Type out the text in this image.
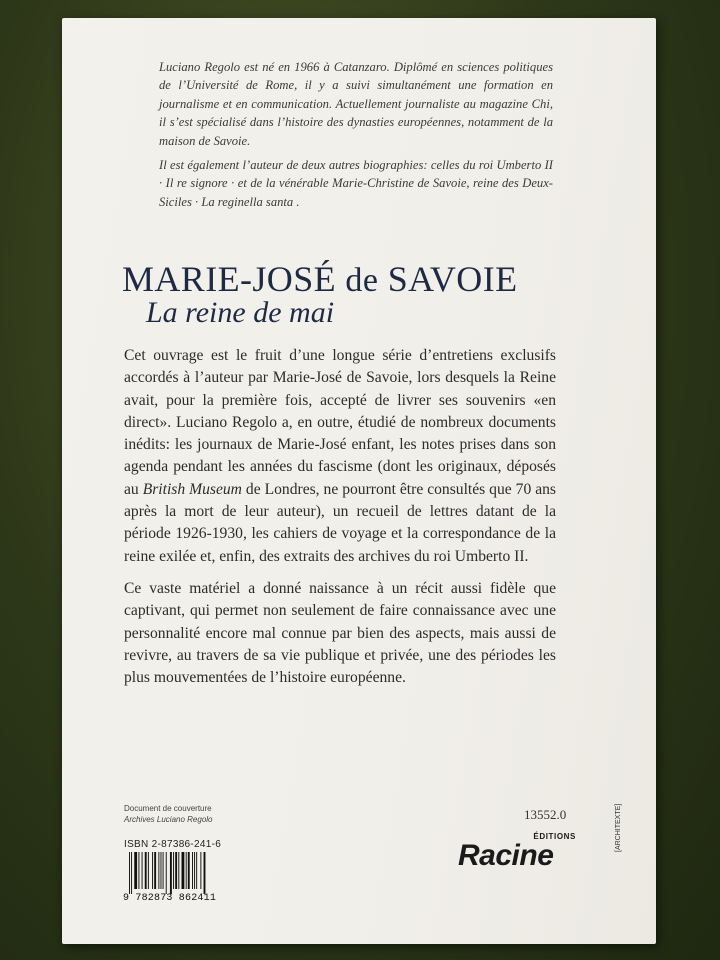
Luciano Regolo est né en 1966 à Catanzaro. Diplômé en sciences politiques de l’Université de Rome, il y a suivi simultanément une formation en journalisme et en communication. Actuellement journaliste au magazine Chi, il s’est spécialisé dans l’histoire des dynasties européennes, notamment de la maison de Savoie.

Il est également l’auteur de deux autres biographies: celles du roi Umberto II · Il re signore · et de la vénérable Marie-Christine de Savoie, reine des Deux-Siciles · La reginella santa .

MARIE-JOSÉ de SAVOIE
La reine de mai

Cet ouvrage est le fruit d’une longue série d’entretiens exclusifs accordés à l’auteur par Marie-José de Savoie, lors desquels la Reine avait, pour la première fois, accepté de livrer ses souvenirs «en direct». Luciano Regolo a, en outre, étudié de nombreux documents inédits: les journaux de Marie-José enfant, les notes prises dans son agenda pendant les années du fascisme (dont les originaux, déposés au British Museum de Londres, ne pourront être consultés que 70 ans après la mort de leur auteur), un recueil de lettres datant de la période 1926-1930, les cahiers de voyage et la correspondance de la reine exilée et, enfin, des extraits des archives du roi Umberto II.

Ce vaste matériel a donné naissance à un récit aussi fidèle que captivant, qui permet non seulement de faire connaissance avec une personnalité encore mal connue par bien des aspects, mais aussi de revivre, au travers de sa vie publique et privée, une des périodes les plus mouvementées de l’histoire européenne.

Document de couverture
Archives Luciano Regolo	13552.0
ISBN 2-87386-241-6
9 782873 862411
ÉDITIONS
Racine
[ARCHITEXTE]
